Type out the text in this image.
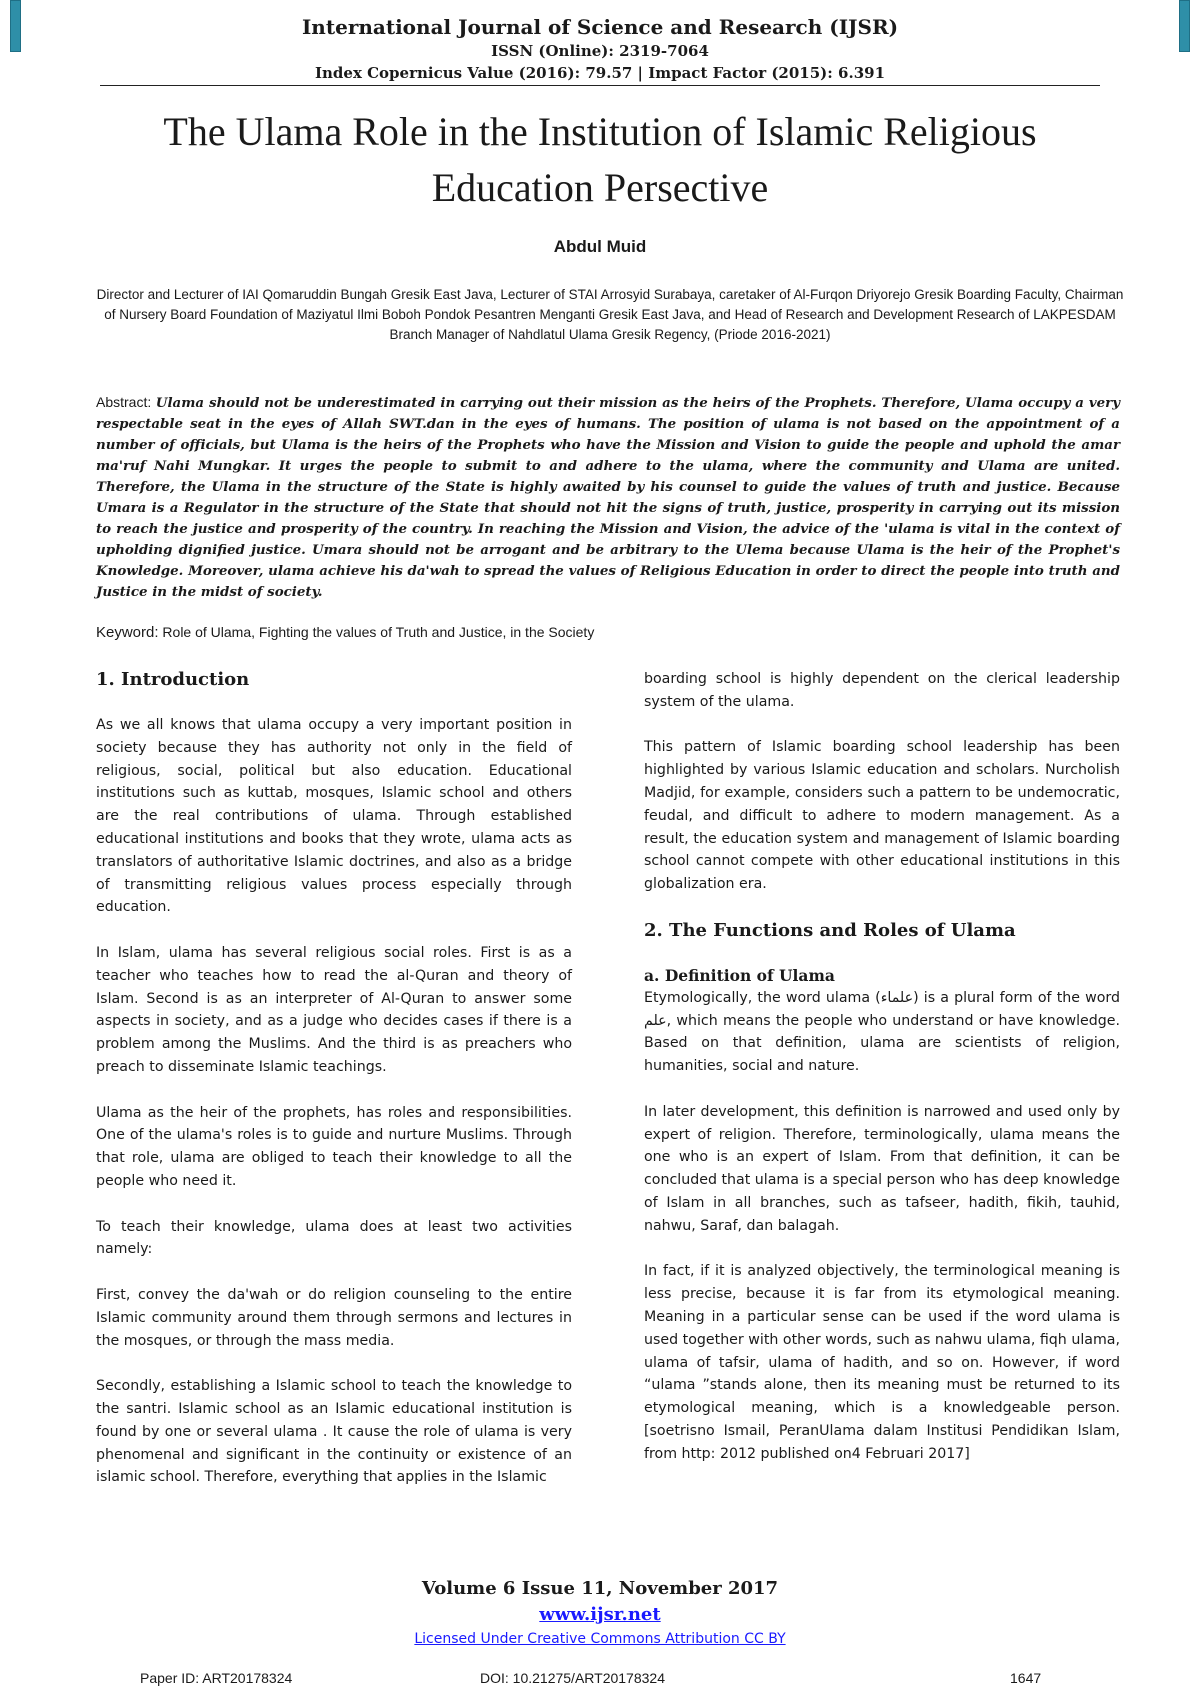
International Journal of Science and Research (IJSR)
ISSN (Online): 2319-7064
Index Copernicus Value (2016): 79.57 | Impact Factor (2015): 6.391
The Ulama Role in the Institution of Islamic Religious Education Persective
Abdul Muid
Director and Lecturer of IAI Qomaruddin Bungah Gresik East Java, Lecturer of STAI Arrosyid Surabaya, caretaker of Al-Furqon Driyorejo Gresik Boarding Faculty, Chairman of Nursery Board Foundation of Maziyatul Ilmi Boboh Pondok Pesantren Menganti Gresik East Java, and Head of Research and Development Research of LAKPESDAM Branch Manager of Nahdlatul Ulama Gresik Regency, (Priode 2016-2021)
Abstract: Ulama should not be underestimated in carrying out their mission as the heirs of the Prophets. Therefore, Ulama occupy a very respectable seat in the eyes of Allah SWT.dan in the eyes of humans. The position of ulama is not based on the appointment of a number of officials, but Ulama is the heirs of the Prophets who have the Mission and Vision to guide the people and uphold the amar ma'ruf Nahi Mungkar. It urges the people to submit to and adhere to the ulama, where the community and Ulama are united. Therefore, the Ulama in the structure of the State is highly awaited by his counsel to guide the values of truth and justice. Because Umara is a Regulator in the structure of the State that should not hit the signs of truth, justice, prosperity in carrying out its mission to reach the justice and prosperity of the country. In reaching the Mission and Vision, the advice of the 'ulama is vital in the context of upholding dignified justice. Umara should not be arrogant and be arbitrary to the Ulema because Ulama is the heir of the Prophet's Knowledge. Moreover, ulama achieve his da'wah to spread the values of Religious Education in order to direct the people into truth and Justice in the midst of society.
Keyword: Role of Ulama, Fighting the values of Truth and Justice, in the Society
1. Introduction

As we all knows that ulama occupy a very important position in society because they has authority not only in the field of religious, social, political but also education. Educational institutions such as kuttab, mosques, Islamic school and others are the real contributions of ulama. Through established educational institutions and books that they wrote, ulama acts as translators of authoritative Islamic doctrines, and also as a bridge of transmitting religious values process especially through education.

In Islam, ulama has several religious social roles. First is as a teacher who teaches how to read the al-Quran and theory of Islam. Second is as an interpreter of Al-Quran to answer some aspects in society, and as a judge who decides cases if there is a problem among the Muslims. And the third is as preachers who preach to disseminate Islamic teachings.

Ulama as the heir of the prophets, has roles and responsibilities. One of the ulama's roles is to guide and nurture Muslims. Through that role, ulama are obliged to teach their knowledge to all the people who need it.

To teach their knowledge, ulama does at least two activities namely:

First, convey the da'wah or do religion counseling to the entire Islamic community around them through sermons and lectures in the mosques, or through the mass media.

Secondly, establishing a Islamic school to teach the knowledge to the santri. Islamic school as an Islamic educational institution is found by one or several ulama . It cause the role of ulama is very phenomenal and significant in the continuity or existence of an islamic school. Therefore, everything that applies in the Islamic

boarding school is highly dependent on the clerical leadership system of the ulama.

This pattern of Islamic boarding school leadership has been highlighted by various Islamic education and scholars. Nurcholish Madjid, for example, considers such a pattern to be undemocratic, feudal, and difficult to adhere to modern management. As a result, the education system and management of Islamic boarding school cannot compete with other educational institutions in this globalization era.

2. The Functions and Roles of Ulama
a. Definition of Ulama

Etymologically, the word ulama (علماء) is a plural form of the word علم, which means the people who understand or have knowledge. Based on that definition, ulama are scientists of religion, humanities, social and nature.

In later development, this definition is narrowed and used only by expert of religion. Therefore, terminologically, ulama means the one who is an expert of Islam. From that definition, it can be concluded that ulama is a special person who has deep knowledge of Islam in all branches, such as tafseer, hadith, fikih, tauhid, nahwu, Saraf, dan balagah.

In fact, if it is analyzed objectively, the terminological meaning is less precise, because it is far from its etymological meaning. Meaning in a particular sense can be used if the word ulama is used together with other words, such as nahwu ulama, fiqh ulama, ulama of tafsir, ulama of hadith, and so on. However, if word “ulama ”stands alone, then its meaning must be returned to its etymological meaning, which is a knowledgeable person. [soetrisno Ismail, PeranUlama dalam Institusi Pendidikan Islam, from http: 2012 published on4 Februari 2017]

Volume 6 Issue 11, November 2017
www.ijsr.net
Licensed Under Creative Commons Attribution CC BY
Paper ID: ART20178324	DOI: 10.21275/ART20178324	1647
